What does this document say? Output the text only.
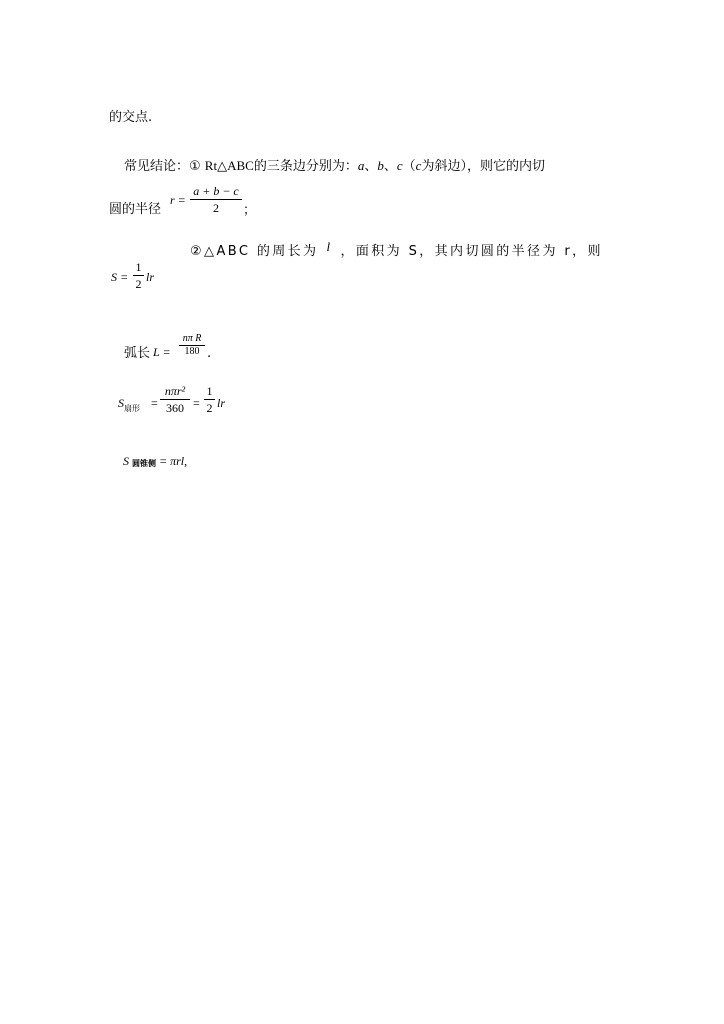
的交点.
常见结论：① Rt△ABC的三条边分别为：a、b、c（c为斜边），则它的内切
圆的半径
r =
a + b − c
2	；
②△ABC 的周长为 l ，面积为 S，其内切圆的半径为 r，则
S =
1
2 lr
弧长 L =
nπ R
180 .
$S_{扇形}$ =
nπr²
360 =
1
2 lr
S 圆锥侧 = πrl,
